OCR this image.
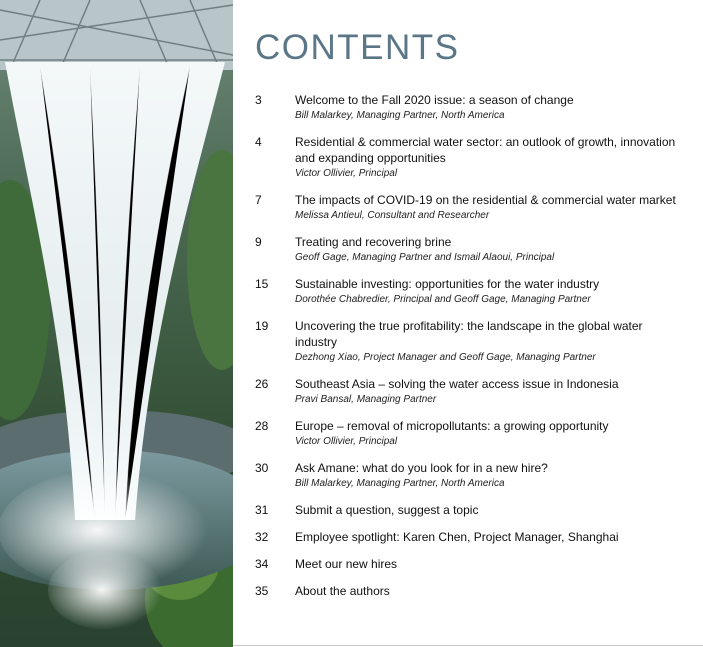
CONTENTS
3	Welcome to the Fall 2020 issue: a season of change
Bill Malarkey, Managing Partner, North America
4	Residential & commercial water sector: an outlook of growth, innovation and expanding opportunities
Victor Ollivier, Principal
7	The impacts of COVID-19 on the residential & commercial water market
Melissa Antieul, Consultant and Researcher
9	Treating and recovering brine
Geoff Gage, Managing Partner and Ismail Alaoui, Principal
15	Sustainable investing: opportunities for the water industry
Dorothée Chabredier, Principal and Geoff Gage, Managing Partner
19	Uncovering the true profitability: the landscape in the global water industry
Dezhong Xiao, Project Manager and Geoff Gage, Managing Partner
26	Southeast Asia – solving the water access issue in Indonesia
Pravi Bansal, Managing Partner
28	Europe – removal of micropollutants: a growing opportunity
Victor Ollivier, Principal
30	Ask Amane: what do you look for in a new hire?
Bill Malarkey, Managing Partner, North America
31	Submit a question, suggest a topic
32	Employee spotlight: Karen Chen, Project Manager, Shanghai
34	Meet our new hires
35	About the authors
